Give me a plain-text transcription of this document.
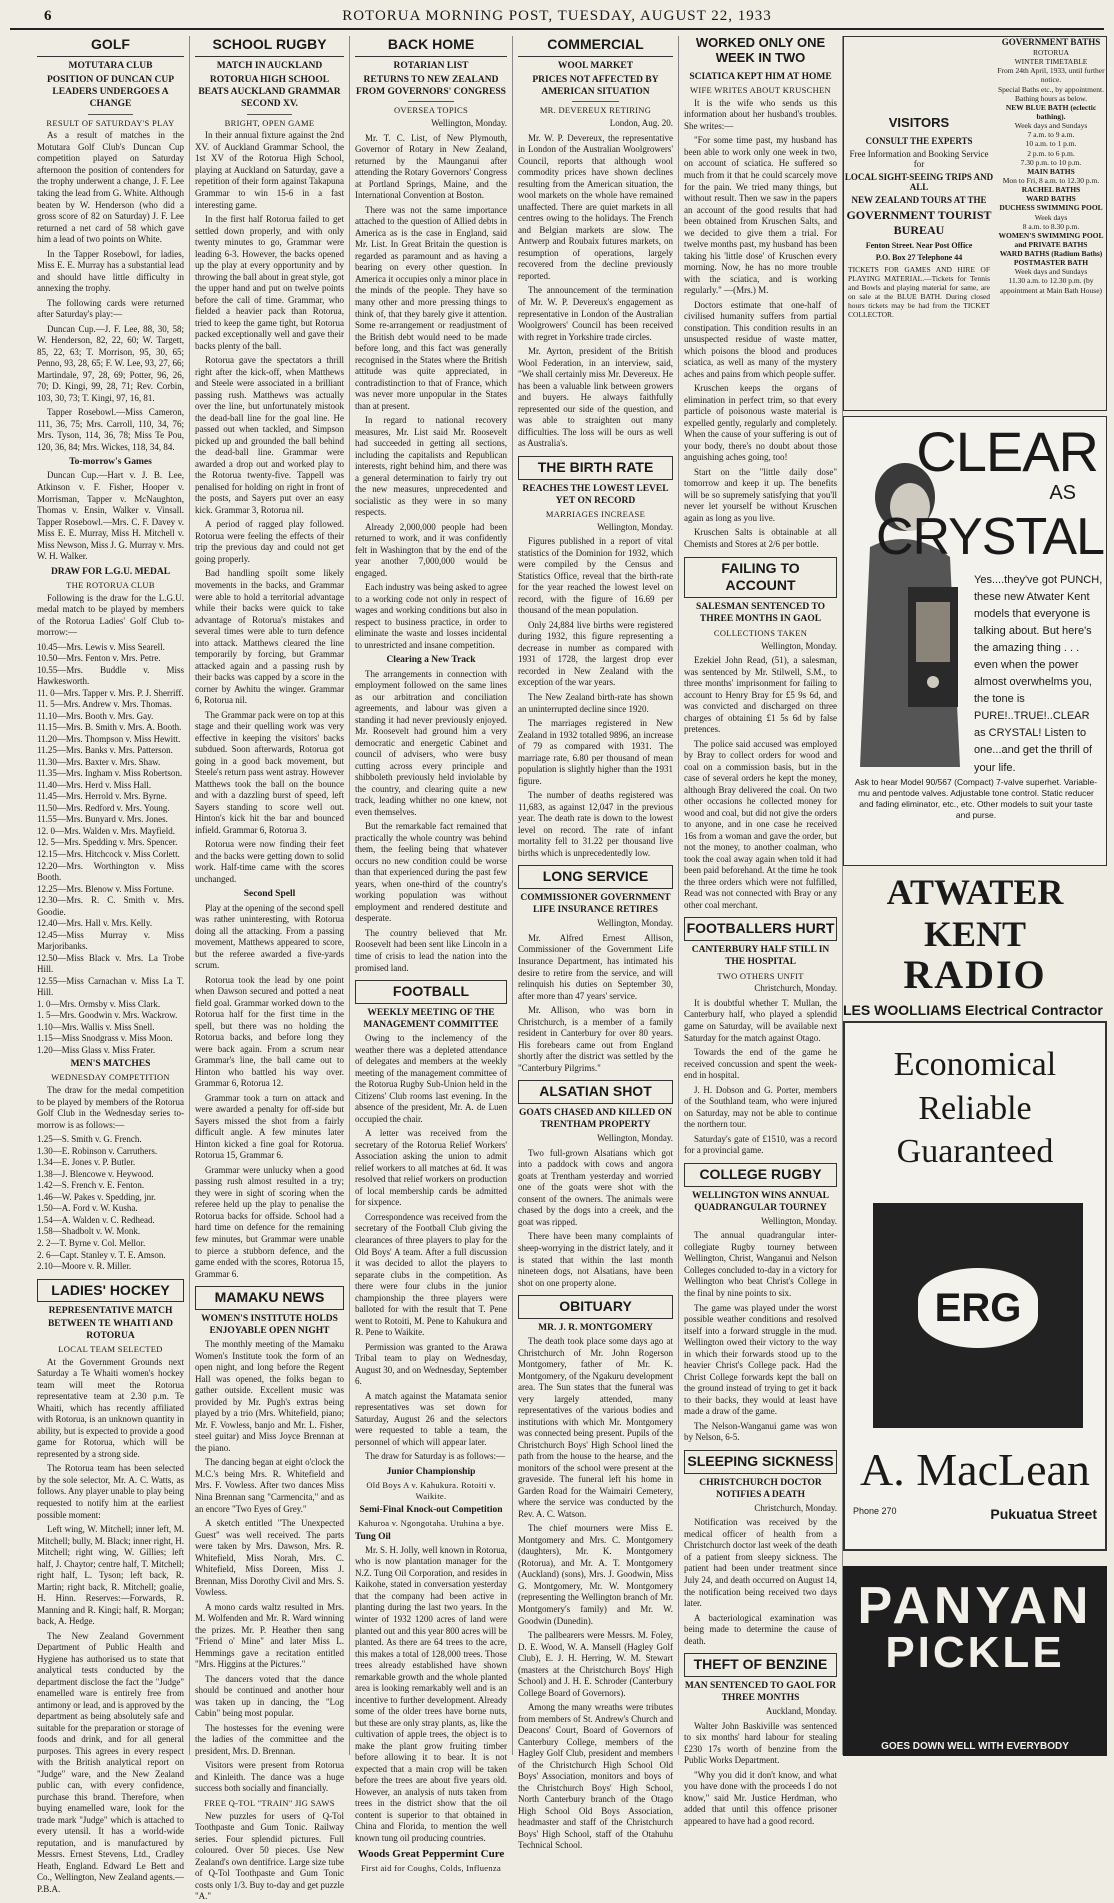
6	ROTORUA MORNING POST, TUESDAY, AUGUST 22, 1933
GOLF
MOTUTARA CLUB
POSITION OF DUNCAN CUP LEADERS UNDERGOES A CHANGE
RESULT OF SATURDAY'S PLAY

As a result of matches in the Motutara Golf Club's Duncan Cup competition played on Saturday afternoon the position of contenders for the trophy underwent a change, J. F. Lee taking the lead from G. White. Although beaten by W. Henderson (who did a gross score of 82 on Saturday) J. F. Lee returned a net card of 58 which gave him a lead of two points on White.

In the Tapper Rosebowl, for ladies, Miss E. E. Murray has a substantial lead and should have little difficulty in annexing the trophy.

The following cards were returned after Saturday's play:—

Duncan Cup.—J. F. Lee, 88, 30, 58; W. Henderson, 82, 22, 60; W. Targett, 85, 22, 63; T. Morrison, 95, 30, 65; Penno, 93, 28, 65; F. W. Lee, 93, 27, 66; Martindale, 97, 28, 69; Potter, 96, 26, 70; D. Kingi, 99, 28, 71; Rev. Corbin, 103, 30, 73; T. Kingi, 97, 16, 81.

Tapper Rosebowl.—Miss Cameron, 111, 36, 75; Mrs. Carroll, 110, 34, 76; Mrs. Tyson, 114, 36, 78; Miss Te Pou, 120, 36, 84; Mrs. Wickes, 118, 34, 84.

To-morrow's Games

Duncan Cup.—Hart v. J. B. Lee, Atkinson v. F. Fisher, Hooper v. Morrisman, Tapper v. McNaughton, Thomas v. Ensin, Walker v. Vinsall. Tapper Rosebowl.—Mrs. C. F. Davey v. Miss E. E. Murray, Miss H. Mitchell v. Miss Newson, Miss J. G. Murray v. Mrs. W. H. Walker.

DRAW FOR L.G.U. MEDAL
THE ROTORUA CLUB

Following is the draw for the L.G.U. medal match to be played by members of the Rotorua Ladies' Golf Club to-morrow:—

10.45—Mrs. Lewis v. Miss Searell.

10.50—Mrs. Fenton v. Mrs. Petre.

10.55—Mrs. Buddle v. Miss Hawkesworth.

11. 0—Mrs. Tapper v. Mrs. P. J. Sherriff.

11. 5—Mrs. Andrew v. Mrs. Thomas.

11.10—Mrs. Booth v. Mrs. Gay.

11.15—Mrs. B. Smith v. Mrs. A. Booth.

11.20—Mrs. Thompson v. Miss Hewitt.

11.25—Mrs. Banks v. Mrs. Patterson.

11.30—Mrs. Baxter v. Mrs. Shaw.

11.35—Mrs. Ingham v. Miss Robertson.

11.40—Mrs. Herd v. Miss Hall.

11.45—Mrs. Herrold v. Mrs. Byrne.

11.50—Mrs. Redford v. Mrs. Young.

11.55—Mrs. Bunyard v. Mrs. Jones.

12. 0—Mrs. Walden v. Mrs. Mayfield.

12. 5—Mrs. Spedding v. Mrs. Spencer.

12.15—Mrs. Hitchcock v. Miss Corlett.

12.20—Mrs. Worthington v. Miss Booth.

12.25—Mrs. Blenow v. Miss Fortune.

12.30—Mrs. R. C. Smith v. Mrs. Goodie.

12.40—Mrs. Hall v. Mrs. Kelly.

12.45—Miss Murray v. Miss Marjoribanks.

12.50—Miss Black v. Mrs. La Trobe Hill.

12.55—Miss Carnachan v. Miss La T. Hill.

1. 0—Mrs. Ormsby v. Miss Clark.

1. 5—Mrs. Goodwin v. Mrs. Wackrow.

1.10—Mrs. Wallis v. Miss Snell.

1.15—Miss Snodgrass v. Miss Moon.

1.20—Miss Glass v. Miss Frater.

MEN'S MATCHES
WEDNESDAY COMPETITION

The draw for the medal competition to be played by members of the Rotorua Golf Club in the Wednesday series to-morrow is as follows:—

1.25—S. Smith v. G. French.

1.30—E. Robinson v. Carruthers.

1.34—E. Jones v. P. Butler.

1.38—J. Blencowe v. Heywood.

1.42—S. French v. E. Fenton.

1.46—W. Pakes v. Spedding, jnr.

1.50—A. Ford v. W. Kusha.

1.54—A. Walden v. C. Redhead.

1.58—Shadbolt v. W. Monk.

2. 2—T. Byrne v. Col. Mellor.

2. 6—Capt. Stanley v. T. E. Amson.

2.10—Moore v. R. Miller.

LADIES' HOCKEY
REPRESENTATIVE MATCH BETWEEN TE WHAITI AND ROTORUA
LOCAL TEAM SELECTED

At the Government Grounds next Saturday a Te Whaiti women's hockey team will meet the Rotorua representative team at 2.30 p.m. Te Whaiti, which has recently affiliated with Rotorua, is an unknown quantity in ability, but is expected to provide a good game for Rotorua, which will be represented by a strong side.

The Rotorua team has been selected by the sole selector, Mr. A. C. Watts, as follows. Any player unable to play being requested to notify him at the earliest possible moment:

Left wing, W. Mitchell; inner left, M. Mitchell; bully, M. Black; inner right, H. Mitchell; right wing, W. Gillies; left half, J. Chaytor; centre half, T. Mitchell; right half, L. Tyson; left back, R. Martin; right back, R. Mitchell; goalie, H. Hinn. Reserves:—Forwards, R. Manning and R. Kingi; half, R. Morgan; back, A. Hedge.

The New Zealand Government Department of Public Health and Hygiene has authorised us to state that analytical tests conducted by the department disclose the fact the "Judge" enamelled ware is entirely free from antimony or lead, and is approved by the department as being absolutely safe and suitable for the preparation or storage of foods and drink, and for all general purposes. This agrees in every respect with the British analytical report on "Judge" ware, and the New Zealand public can, with every confidence, purchase this brand. Therefore, when buying enamelled ware, look for the trade mark "Judge" which is attached to every utensil. It has a world-wide reputation, and is manufactured by Messrs. Ernest Stevens, Ltd., Cradley Heath, England. Edward Le Bett and Co., Wellington, New Zealand agents.—P.B.A.

SCHOOL RUGBY
MATCH IN AUCKLAND
ROTORUA HIGH SCHOOL BEATS AUCKLAND GRAMMAR SECOND XV.
BRIGHT, OPEN GAME

In their annual fixture against the 2nd XV. of Auckland Grammar School, the 1st XV of the Rotorua High School, playing at Auckland on Saturday, gave a repetition of their form against Takapuna Grammar to win 15-6 in a fast interesting game.

In the first half Rotorua failed to get settled down properly, and with only twenty minutes to go, Grammar were leading 6-3. However, the backs opened up the play at every opportunity and by throwing the ball about in great style, got the upper hand and put on twelve points before the call of time. Grammar, who fielded a heavier pack than Rotorua, tried to keep the game tight, but Rotorua packed exceptionally well and gave their backs plenty of the ball.

Rotorua gave the spectators a thrill right after the kick-off, when Matthews and Steele were associated in a brilliant passing rush. Matthews was actually over the line, but unfortunately mistook the dead-ball line for the goal line. He passed out when tackled, and Simpson picked up and grounded the ball behind the dead-ball line. Grammar were awarded a drop out and worked play to the Rotorua twenty-five. Tappell was penalised for holding on right in front of the posts, and Sayers put over an easy kick. Grammar 3, Rotorua nil.

A period of ragged play followed. Rotorua were feeling the effects of their trip the previous day and could not get going properly.

Bad handling spoilt some likely movements in the backs, and Grammar were able to hold a territorial advantage while their backs were quick to take advantage of Rotorua's mistakes and several times were able to turn defence into attack. Matthews cleared the line temporarily by forcing, but Grammar attacked again and a passing rush by their backs was capped by a score in the corner by Awhitu the winger. Grammar 6, Rotorua nil.

The Grammar pack were on top at this stage and their quelling work was very effective in keeping the visitors' backs subdued. Soon afterwards, Rotorua got going in a good back movement, but Steele's return pass went astray. However Matthews took the ball on the bounce and with a dazzling burst of speed, left Sayers standing to score well out. Hinton's kick hit the bar and bounced infield. Grammar 6, Rotorua 3.

Rotorua were now finding their feet and the backs were getting down to solid work. Half-time came with the scores unchanged.

Second Spell

Play at the opening of the second spell was rather uninteresting, with Rotorua doing all the attacking. From a passing movement, Matthews appeared to score, but the referee awarded a five-yards scrum.

Rotorua took the lead by one point when Dawson secured and potted a neat field goal. Grammar worked down to the Rotorua half for the first time in the spell, but there was no holding the Rotorua backs, and before long they were back again. From a scrum near Grammar's line, the ball came out to Hinton who battled his way over. Grammar 6, Rotorua 12.

Grammar took a turn on attack and were awarded a penalty for off-side but Sayers missed the shot from a fairly difficult angle. A few minutes later Hinton kicked a fine goal for Rotorua. Rotorua 15, Grammar 6.

Grammar were unlucky when a good passing rush almost resulted in a try; they were in sight of scoring when the referee held up the play to penalise the Rotorua backs for offside. School had a hard time on defence for the remaining few minutes, but Grammar were unable to pierce a stubborn defence, and the game ended with the scores, Rotorua 15, Grammar 6.

MAMAKU NEWS
WOMEN'S INSTITUTE HOLDS ENJOYABLE OPEN NIGHT

The monthly meeting of the Mamaku Women's Institute took the form of an open night, and long before the Regent Hall was opened, the folks began to gather outside. Excellent music was provided by Mr. Pugh's extras being played by a trio (Mrs. Whitefield, piano; Mr. F. Vowless, banjo and Mr. L. Fisher, steel guitar) and Miss Joyce Brennan at the piano.

The dancing began at eight o'clock the M.C.'s being Mrs. R. Whitefield and Mrs. F. Vowless. After two dances Miss Nina Brennan sang "Carmencita," and as an encore "Two Eyes of Grey."

A sketch entitled "The Unexpected Guest" was well received. The parts were taken by Mrs. Dawson, Mrs. R. Whitefield, Miss Norah, Mrs. C. Whitefield, Miss Doreen, Miss J. Brennan, Miss Dorothy Civil and Mrs. S. Vowless.

A mono cards waltz resulted in Mrs. M. Wolfenden and Mr. R. Ward winning the prizes. Mr. P. Heather then sang "Friend o' Mine" and later Miss L. Hemmings gave a recitation entitled "Mrs. Higgins at the Pictures."

The dancers voted that the dance should be continued and another hour was taken up in dancing, the "Log Cabin" being most popular.

The hostesses for the evening were the ladies of the committee and the president, Mrs. D. Brennan.

Visitors were present from Rotorua and Kinleith. The dance was a huge success both socially and financially.

FREE Q-TOL "TRAIN" JIG SAWS

New puzzles for users of Q-Tol Toothpaste and Gum Tonic. Railway series. Four splendid pictures. Full coloured. Over 50 pieces. Use New Zealand's own dentifrice. Large size tube of Q-Tol Toothpaste and Gum Tonic costs only 1/3. Buy to-day and get puzzle "A."

BACK HOME
ROTARIAN LIST
RETURNS TO NEW ZEALAND FROM GOVERNORS' CONGRESS
OVERSEA TOPICS

Wellington, Monday.

Mr. T. C. List, of New Plymouth, Governor of Rotary in New Zealand, returned by the Maunganui after attending the Rotary Governors' Congress at Portland Springs, Maine, and the International Convention at Boston.

There was not the same importance attached to the question of Allied debts in America as is the case in England, said Mr. List. In Great Britain the question is regarded as paramount and as having a bearing on every other question. In America it occupies only a minor place in the minds of the people. They have so many other and more pressing things to think of, that they barely give it attention. Some re-arrangement or readjustment of the British debt would need to be made before long, and this fact was generally recognised in the States where the British attitude was quite appreciated, in contradistinction to that of France, which was never more unpopular in the States than at present.

In regard to national recovery measures, Mr. List said Mr. Roosevelt had succeeded in getting all sections, including the capitalists and Republican interests, right behind him, and there was a general determination to fairly try out the new measures, unprecedented and socialistic as they were in so many respects.

Already 2,000,000 people had been returned to work, and it was confidently felt in Washington that by the end of the year another 7,000,000 would be engaged.

Each industry was being asked to agree to a working code not only in respect of wages and working conditions but also in respect to business practice, in order to eliminate the waste and losses incidental to unrestricted and insane competition.

Clearing a New Track

The arrangements in connection with employment followed on the same lines as our arbitration and conciliation agreements, and labour was given a standing it had never previously enjoyed. Mr. Roosevelt had ground him a very democratic and energetic Cabinet and council of advisers, who were busy cutting across every principle and shibboleth previously held inviolable by the country, and clearing quite a new track, leading whither no one knew, not even themselves.

But the remarkable fact remained that practically the whole country was behind them, the feeling being that whatever occurs no new condition could be worse than that experienced during the past few years, when one-third of the country's working population was without employment and rendered destitute and desperate.

The country believed that Mr. Roosevelt had been sent like Lincoln in a time of crisis to lead the nation into the promised land.

FOOTBALL
WEEKLY MEETING OF THE MANAGEMENT COMMITTEE

Owing to the inclemency of the weather there was a depleted attendance of delegates and members at the weekly meeting of the management committee of the Rotorua Rugby Sub-Union held in the Citizens' Club rooms last evening. In the absence of the president, Mr. A. de Luen occupied the chair.

A letter was received from the secretary of the Rotorua Relief Workers' Association asking the union to admit relief workers to all matches at 6d. It was resolved that relief workers on production of local membership cards be admitted for sixpence.

Correspondence was received from the secretary of the Football Club giving the clearances of three players to play for the Old Boys' A team. After a full discussion it was decided to allot the players to separate clubs in the competition. As there were four clubs in the junior championship the three players were balloted for with the result that T. Pene went to Rotoiti, M. Pene to Kahukura and R. Pene to Waikite.

Permission was granted to the Arawa Tribal team to play on Wednesday, August 30, and on Wednesday, September 6.

A match against the Matamata senior representatives was set down for Saturday, August 26 and the selectors were requested to table a team, the personnel of which will appear later.

The draw for Saturday is as follows:—

Junior Championship
Old Boys A v. Kahukura. Rotoiti v. Waikite.
Semi-Final Knock-out Competition
Kahuroa v. Ngongotaha. Utuhina a bye.
Tung Oil

Mr. S. H. Jolly, well known in Rotorua, who is now plantation manager for the N.Z. Tung Oil Corporation, and resides in Kaikohe, stated in conversation yesterday that the company had been active in planting during the last two years. In the winter of 1932 1200 acres of land were planted out and this year 800 acres will be planted. As there are 64 trees to the acre, this makes a total of 128,000 trees. Those trees already established have shown remarkable growth and the whole planted area is looking remarkably well and is an incentive to further development. Already some of the older trees have borne nuts, but these are only stray plants, as, like the cultivation of apple trees, the object is to make the plant grow fruiting timber before allowing it to bear. It is not expected that a main crop will be taken before the trees are about five years old. However, an analysis of nuts taken from trees in the district show that the oil content is superior to that obtained in China and Florida, to mention the well known tung oil producing countries.

Woods Great Peppermint Cure
First aid for Coughs, Colds, Influenza
COMMERCIAL
WOOL MARKET
PRICES NOT AFFECTED BY AMERICAN SITUATION
MR. DEVEREUX RETIRING

London, Aug. 20.

Mr. W. P. Devereux, the representative in London of the Australian Woolgrowers' Council, reports that although wool commodity prices have shown declines resulting from the American situation, the wool markets on the whole have remained unaffected. There are quiet markets in all centres owing to the holidays. The French and Belgian markets are slow. The Antwerp and Roubaix futures markets, on resumption of operations, largely recovered from the decline previously reported.

The announcement of the termination of Mr. W. P. Devereux's engagement as representative in London of the Australian Woolgrowers' Council has been received with regret in Yorkshire trade circles.

Mr. Ayrton, president of the British Wool Federation, in an interview, said, "We shall certainly miss Mr. Devereux. He has been a valuable link between growers and buyers. He always faithfully represented our side of the question, and was able to straighten out many difficulties. The loss will be ours as well as Australia's.

THE BIRTH RATE
REACHES THE LOWEST LEVEL YET ON RECORD
MARRIAGES INCREASE

Wellington, Monday.

Figures published in a report of vital statistics of the Dominion for 1932, which were compiled by the Census and Statistics Office, reveal that the birth-rate for the year reached the lowest level on record, with the figure of 16.69 per thousand of the mean population.

Only 24,884 live births were registered during 1932, this figure representing a decrease in number as compared with 1931 of 1728, the largest drop ever recorded in New Zealand with the exception of the war years.

The New Zealand birth-rate has shown an uninterrupted decline since 1920.

The marriages registered in New Zealand in 1932 totalled 9896, an increase of 79 as compared with 1931. The marriage rate, 6.80 per thousand of mean population is slightly higher than the 1931 figure.

The number of deaths registered was 11,683, as against 12,047 in the previous year. The death rate is down to the lowest level on record. The rate of infant mortality fell to 31.22 per thousand live births which is unprecedentedly low.

LONG SERVICE
COMMISSIONER GOVERNMENT LIFE INSURANCE RETIRES

Wellington, Monday.

Mr. Alfred Ernest Allison, Commissioner of the Government Life Insurance Department, has intimated his desire to retire from the service, and will relinquish his duties on September 30, after more than 47 years' service.

Mr. Allison, who was born in Christchurch, is a member of a family resident in Canterbury for over 80 years. His forebears came out from England shortly after the district was settled by the "Canterbury Pilgrims."

ALSATIAN SHOT
GOATS CHASED AND KILLED ON TRENTHAM PROPERTY

Wellington, Monday.

Two full-grown Alsatians which got into a paddock with cows and angora goats at Trentham yesterday and worried one of the goats were shot with the consent of the owners. The animals were chased by the dogs into a creek, and the goat was ripped.

There have been many complaints of sheep-worrying in the district lately, and it is stated that within the last month nineteen dogs, not Alsatians, have been shot on one property alone.

OBITUARY
MR. J. R. MONTGOMERY

The death took place some days ago at Christchurch of Mr. John Rogerson Montgomery, father of Mr. K. Montgomery, of the Ngakuru development area. The Sun states that the funeral was very largely attended, many representatives of the various bodies and institutions with which Mr. Montgomery was connected being present. Pupils of the Christchurch Boys' High School lined the path from the house to the hearse, and the monitors of the school were present at the graveside. The funeral left his home in Garden Road for the Waimairi Cemetery, where the service was conducted by the Rev. A. C. Watson.

The chief mourners were Miss E. Montgomery and Mrs. C. Montgomery (daughters), Mr. K. Montgomery (Rotorua), and Mr. A. T. Montgomery (Auckland) (sons), Mrs. J. Goodwin, Miss G. Montgomery, Mr. W. Montgomery (representing the Wellington branch of Mr. Montgomery's family) and Mr. W. Goodwin (Dunedin).

The pallbearers were Messrs. M. Foley, D. E. Wood, W. A. Mansell (Hagley Golf Club), E. J. H. Herring, W. M. Stewart (masters at the Christchurch Boys' High School) and J. H. E. Schroder (Canterbury College Board of Governors).

Among the many wreaths were tributes from members of St. Andrew's Church and Deacons' Court, Board of Governors of Canterbury College, members of the Hagley Golf Club, president and members of the Christchurch High School Old Boys' Association, monitors and boys of the Christchurch Boys' High School, North Canterbury branch of the Otago High School Old Boys Association, headmaster and staff of the Christchurch Boys' High School, staff of the Otahuhu Technical School.

WORKED ONLY ONE WEEK IN TWO
SCIATICA KEPT HIM AT HOME
WIFE WRITES ABOUT KRUSCHEN

It is the wife who sends us this information about her husband's troubles. She writes:—

"For some time past, my husband has been able to work only one week in two, on account of sciatica. He suffered so much from it that he could scarcely move for the pain. We tried many things, but without result. Then we saw in the papers an account of the good results that had been obtained from Kruschen Salts, and we decided to give them a trial. For twelve months past, my husband has been taking his 'little dose' of Kruschen every morning. Now, he has no more trouble with the sciatica, and is working regularly." —(Mrs.) M.

Doctors estimate that one-half of civilised humanity suffers from partial constipation. This condition results in an unsuspected residue of waste matter, which poisons the blood and produces sciatica, as well as many of the mystery aches and pains from which people suffer.

Kruschen keeps the organs of elimination in perfect trim, so that every particle of poisonous waste material is expelled gently, regularly and completely. When the cause of your suffering is out of your body, there's no doubt about those anguishing aches going, too!

Start on the "little daily dose" tomorrow and keep it up. The benefits will be so supremely satisfying that you'll never let yourself be without Kruschen again as long as you live.

Kruschen Salts is obtainable at all Chemists and Stores at 2/6 per bottle.

FAILING TO ACCOUNT
SALESMAN SENTENCED TO THREE MONTHS IN GAOL
COLLECTIONS TAKEN

Wellington, Monday.

Ezekiel John Read, (51), a salesman, was sentenced by Mr. Stilwell, S.M., to three months' imprisonment for failing to account to Henry Bray for £5 9s 6d, and was convicted and discharged on three charges of obtaining £1 5s 6d by false pretences.

The police said accused was employed by Bray to collect orders for wood and coal on a commission basis, but in the case of several orders he kept the money, although Bray delivered the coal. On two other occasions he collected money for wood and coal, but did not give the orders to anyone, and in one case he received 16s from a woman and gave the order, but not the money, to another coalman, who took the coal away again when told it had been paid beforehand. At the time he took the three orders which were not fulfilled, Read was not connected with Bray or any other coal merchant.

FOOTBALLERS HURT
CANTERBURY HALF STILL IN THE HOSPITAL
TWO OTHERS UNFIT

Christchurch, Monday.

It is doubtful whether T. Mullan, the Canterbury half, who played a splendid game on Saturday, will be available next Saturday for the match against Otago.

Towards the end of the game he received concussion and spent the week-end in hospital.

J. H. Dobson and G. Porter, members of the Southland team, who were injured on Saturday, may not be able to continue the northern tour.

Saturday's gate of £1510, was a record for a provincial game.

COLLEGE RUGBY
WELLINGTON WINS ANNUAL QUADRANGULAR TOURNEY

Wellington, Monday.

The annual quadrangular inter-collegiate Rugby tourney between Wellington, Christ, Wanganui and Nelson Colleges concluded to-day in a victory for Wellington who beat Christ's College in the final by nine points to six.

The game was played under the worst possible weather conditions and resolved itself into a forward struggle in the mud. Wellington owed their victory to the way in which their forwards stood up to the heavier Christ's College pack. Had the Christ College forwards kept the ball on the ground instead of trying to get it back to their backs, they would at least have made a draw of the game.

The Nelson-Wanganui game was won by Nelson, 6-5.

SLEEPING SICKNESS
CHRISTCHURCH DOCTOR NOTIFIES A DEATH

Christchurch, Monday.

Notification was received by the medical officer of health from a Christchurch doctor last week of the death of a patient from sleepy sickness. The patient had been under treatment since July 24, and death occurred on August 14, the notification being received two days later.

A bacteriological examination was being made to determine the cause of death.

THEFT OF BENZINE
MAN SENTENCED TO GAOL FOR THREE MONTHS

Auckland, Monday.

Walter John Baskiville was sentenced to six months' hard labour for stealing £230 17s worth of benzine from the Public Works Department.

"Why you did it don't know, and what you have done with the proceeds I do not know," said Mr. Justice Herdman, who added that until this offence prisoner appeared to have had a good record.

VISITORS
CONSULT THE EXPERTS
Free Information and Booking Service for
LOCAL SIGHT-SEEING TRIPS AND ALL
NEW ZEALAND TOURS AT THE
GOVERNMENT TOURIST BUREAU
Fenton Street. Near Post Office
P.O. Box 27 Telephone 44
TICKETS FOR GAMES AND HIRE OF PLAYING MATERIAL.—Tickets for Tennis and Bowls and playing material for same, are on sale at the BLUE BATH. During closed hours tickets may be had from the TICKET COLLECTOR.
GOVERNMENT BATHS
ROTORUA
WINTER TIMETABLE
From 24th April, 1933, until further notice.
Special Baths etc., by appointment. Bathing hours as below.
NEW BLUE BATH (eclectic bathing).
Week days and Sundays
7 a.m. to 9 a.m.
10 a.m. to 1 p.m.
2 p.m. to 6 p.m.
7.30 p.m. to 10 p.m.
MAIN BATHS
Mon to Fri, 8 a.m. to 12.30 p.m.
RACHEL BATHS
WARD BATHS
DUCHESS SWIMMING POOL
Week days
8 a.m. to 8.30 p.m.
WOMEN'S SWIMMING POOL and PRIVATE BATHS
WARD BATHS (Radium Baths)
POSTMASTER BATH
Week days and Sundays
11.30 a.m. to 12.30 p.m. (by appointment at Main Bath House)
CLEAR
AS
CRYSTAL
Yes....they've got PUNCH, these new Atwater Kent models that everyone is talking about. But here's the amazing thing . . . even when the power almost overwhelms you, the tone is PURE!..TRUE!..CLEAR as CRYSTAL! Listen to one...and get the thrill of your life.
Ask to hear Model 90/567 (Compact) 7-valve superhet. Variable-mu and pentode valves. Adjustable tone control. Static reducer and fading eliminator, etc., etc. Other models to suit your taste and purse.
ATWATER KENT
RADIO
LES WOOLLIAMS Electrical Contractor
Economical
Reliable
Guaranteed
ERG
A. MacLean
Phone 270	Pukuatua Street
PANYAN
PICKLE
GOES DOWN WELL WITH EVERYBODY
